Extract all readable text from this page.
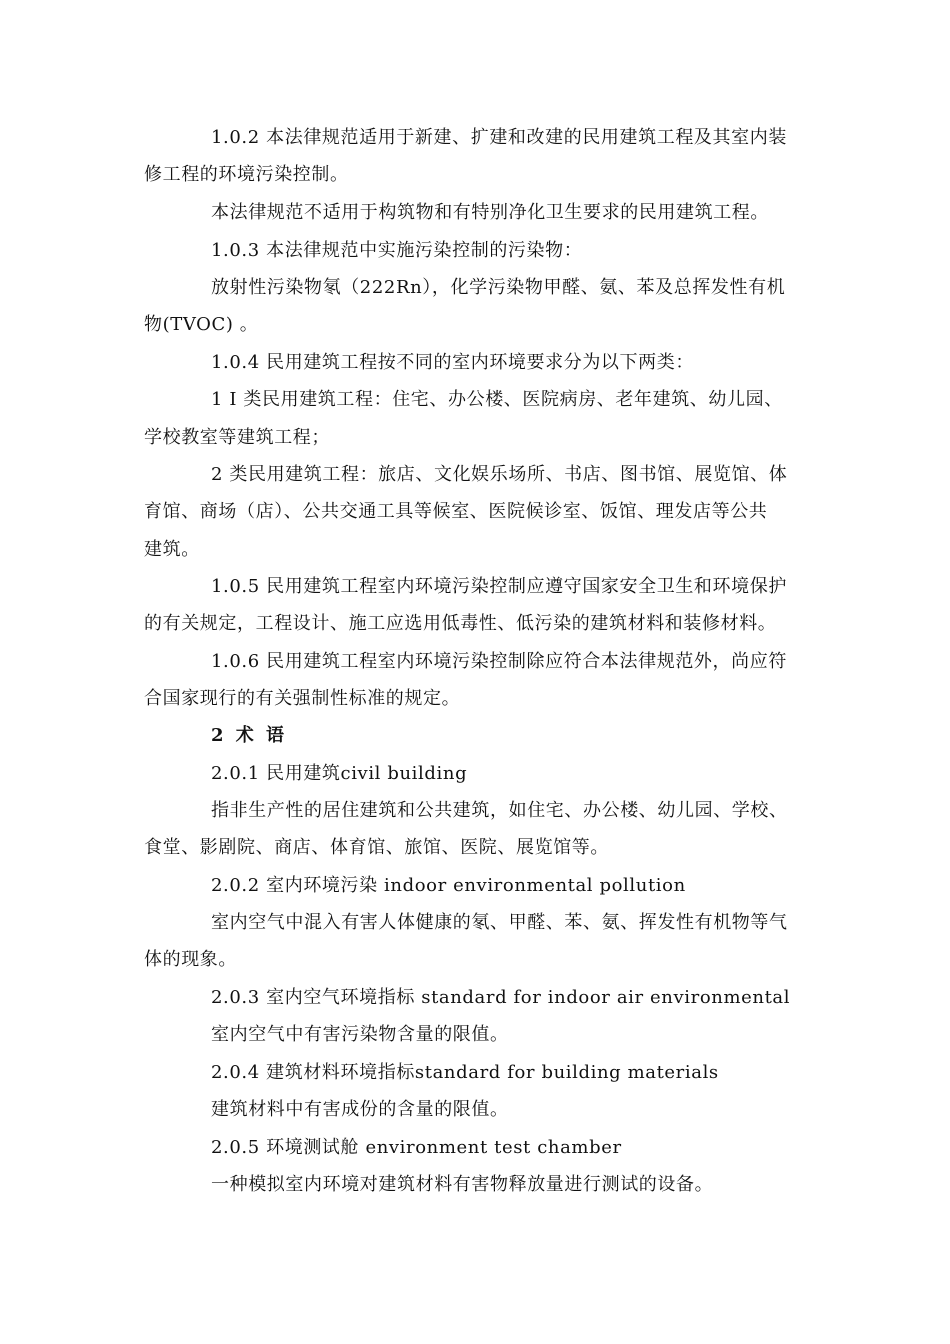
1.0.2 本法律规范适用于新建、扩建和改建的民用建筑工程及其室内装
修工程的环境污染控制。
本法律规范不适用于构筑物和有特别净化卫生要求的民用建筑工程。
1.0.3 本法律规范中实施污染控制的污染物：
放射性污染物氡（222Rn），化学污染物甲醛、氨、苯及总挥发性有机
物(TVOC) 。
1.0.4 民用建筑工程按不同的室内环境要求分为以下两类：
1 Ⅰ 类民用建筑工程：住宅、办公楼、医院病房、老年建筑、幼儿园、
学校教室等建筑工程；
2 类民用建筑工程：旅店、文化娱乐场所、书店、图书馆、展览馆、体
育馆、商场（店）、公共交通工具等候室、医院候诊室、饭馆、理发店等公共
建筑。
1.0.5 民用建筑工程室内环境污染控制应遵守国家安全卫生和环境保护
的有关规定，工程设计、施工应选用低毒性、低污染的建筑材料和装修材料。
1.0.6 民用建筑工程室内环境污染控制除应符合本法律规范外，尚应符
合国家现行的有关强制性标准的规定。
2 术 语
2.0.1 民用建筑civil building
指非生产性的居住建筑和公共建筑，如住宅、办公楼、幼儿园、学校、
食堂、影剧院、商店、体育馆、旅馆、医院、展览馆等。
2.0.2 室内环境污染 indoor environmental pollution
室内空气中混入有害人体健康的氡、甲醛、苯、氨、挥发性有机物等气
体的现象。
2.0.3 室内空气环境指标 standard for indoor air environmental
室内空气中有害污染物含量的限值。
2.0.4 建筑材料环境指标standard for building materials
建筑材料中有害成份的含量的限值。
2.0.5 环境测试舱 environment test chamber
一种模拟室内环境对建筑材料有害物释放量进行测试的设备。
